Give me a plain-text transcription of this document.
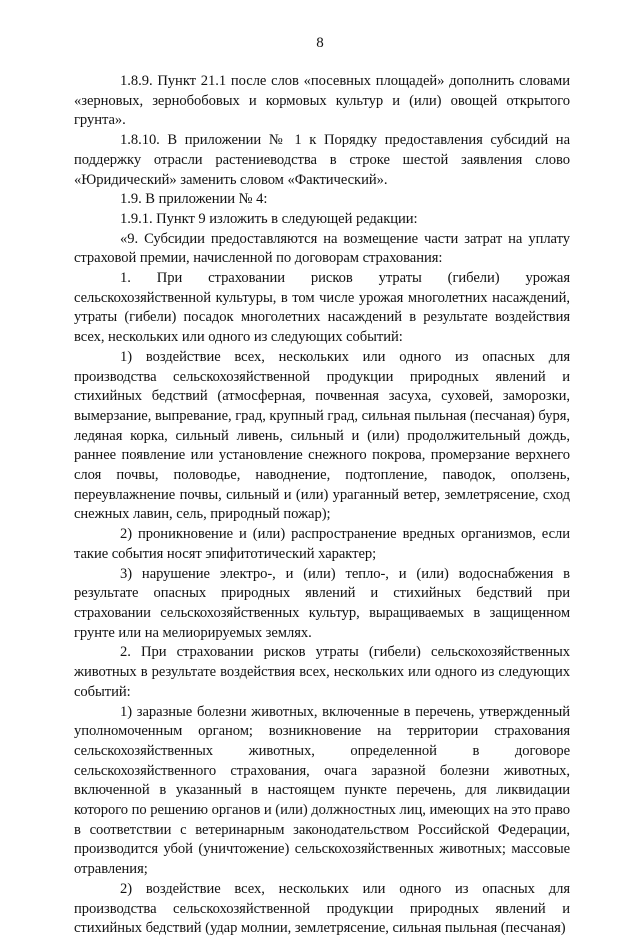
8

1.8.9. Пункт 21.1 после слов «посевных площадей» дополнить словами «зерновых, зернобобовых и кормовых культур и (или) овощей открытого грунта».

1.8.10. В приложении № 1 к Порядку предоставления субсидий на поддержку отрасли растениеводства в строке шестой заявления слово «Юридический» заменить словом «Фактический».

1.9. В приложении № 4:

1.9.1. Пункт 9 изложить в следующей редакции:

«9. Субсидии предоставляются на возмещение части затрат на уплату страховой премии, начисленной по договорам страхования:

1. При страховании рисков утраты (гибели) урожая сельскохозяйственной культуры, в том числе урожая многолетних насаждений, утраты (гибели) посадок многолетних насаждений в результате воздействия всех, нескольких или одного из следующих событий:

1) воздействие всех, нескольких или одного из опасных для производства сельскохозяйственной продукции природных явлений и стихийных бедствий (атмосферная, почвенная засуха, суховей, заморозки, вымерзание, выпревание, град, крупный град, сильная пыльная (песчаная) буря, ледяная корка, сильный ливень, сильный и (или) продолжительный дождь, раннее появление или установление снежного покрова, промерзание верхнего слоя почвы, половодье, наводнение, подтопление, паводок, оползень, переувлажнение почвы, сильный и (или) ураганный ветер, землетрясение, сход снежных лавин, сель, природный пожар);

2) проникновение и (или) распространение вредных организмов, если такие события носят эпифитотический характер;

3) нарушение электро-, и (или) тепло-, и (или) водоснабжения в результате опасных природных явлений и стихийных бедствий при страховании сельскохозяйственных культур, выращиваемых в защищенном грунте или на мелиорируемых землях.

2. При страховании рисков утраты (гибели) сельскохозяйственных животных в результате воздействия всех, нескольких или одного из следующих событий:

1) заразные болезни животных, включенные в перечень, утвержденный уполномоченным органом; возникновение на территории страхования сельскохозяйственных животных, определенной в договоре сельскохозяйственного страхования, очага заразной болезни животных, включенной в указанный в настоящем пункте перечень, для ликвидации которого по решению органов и (или) должностных лиц, имеющих на это право в соответствии с ветеринарным законодательством Российской Федерации, производится убой (уничтожение) сельскохозяйственных животных; массовые отравления;

2) воздействие всех, нескольких или одного из опасных для производства сельскохозяйственной продукции природных явлений и стихийных бедствий (удар молнии, землетрясение, сильная пыльная (песчаная)
